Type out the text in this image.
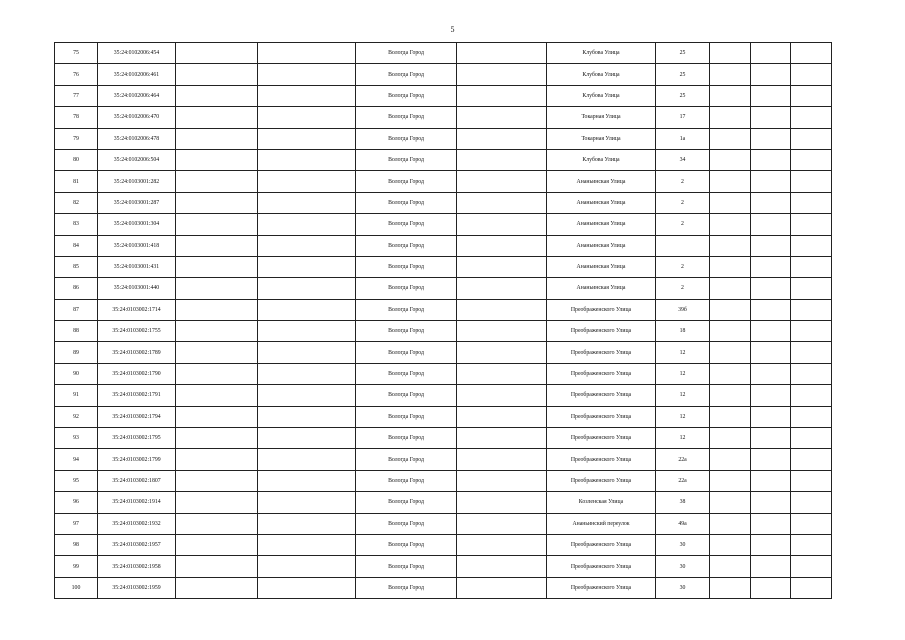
5
75	35:24:0102006:454			Вологда Город		Клубова Улица	25			
76	35:24:0102006:461			Вологда Город		Клубова Улица	25			
77	35:24:0102006:464			Вологда Город		Клубова Улица	25			
78	35:24:0102006:470			Вологда Город		Токарная Улица	17			
79	35:24:0102006:478			Вологда Город		Токарная Улица	1а			
80	35:24:0102006:504			Вологда Город		Клубова Улица	34			
81	35:24:0103001:282			Вологда Город		Ананьинская Улица	2			
82	35:24:0103001:287			Вологда Город		Ананьинская Улица	2			
83	35:24:0103001:304			Вологда Город		Ананьинская Улица	2			
84	35:24:0103001:418			Вологда Город		Ананьинская Улица				
85	35:24:0103001:431			Вологда Город		Ананьинская Улица	2			
86	35:24:0103001:440			Вологда Город		Ананьинская Улица	2			
87	35:24:0103002:1714			Вологда Город		Преображенского Улица	39б			
88	35:24:0103002:1755			Вологда Город		Преображенского Улица	18			
89	35:24:0103002:1789			Вологда Город		Преображенского Улица	12			
90	35:24:0103002:1790			Вологда Город		Преображенского Улица	12			
91	35:24:0103002:1791			Вологда Город		Преображенского Улица	12			
92	35:24:0103002:1794			Вологда Город		Преображенского Улица	12			
93	35:24:0103002:1795			Вологда Город		Преображенского Улица	12			
94	35:24:0103002:1799			Вологда Город		Преображенского Улица	22а			
95	35:24:0103002:1807			Вологда Город		Преображенского Улица	22а			
96	35:24:0103002:1914			Вологда Город		Козленская Улица	38			
97	35:24:0103002:1932			Вологда Город		Ананьинский переулок	49а			
98	35:24:0103002:1957			Вологда Город		Преображенского Улица	30			
99	35:24:0103002:1958			Вологда Город		Преображенского Улица	30			
100	35:24:0103002:1959			Вологда Город		Преображенского Улица	30			
